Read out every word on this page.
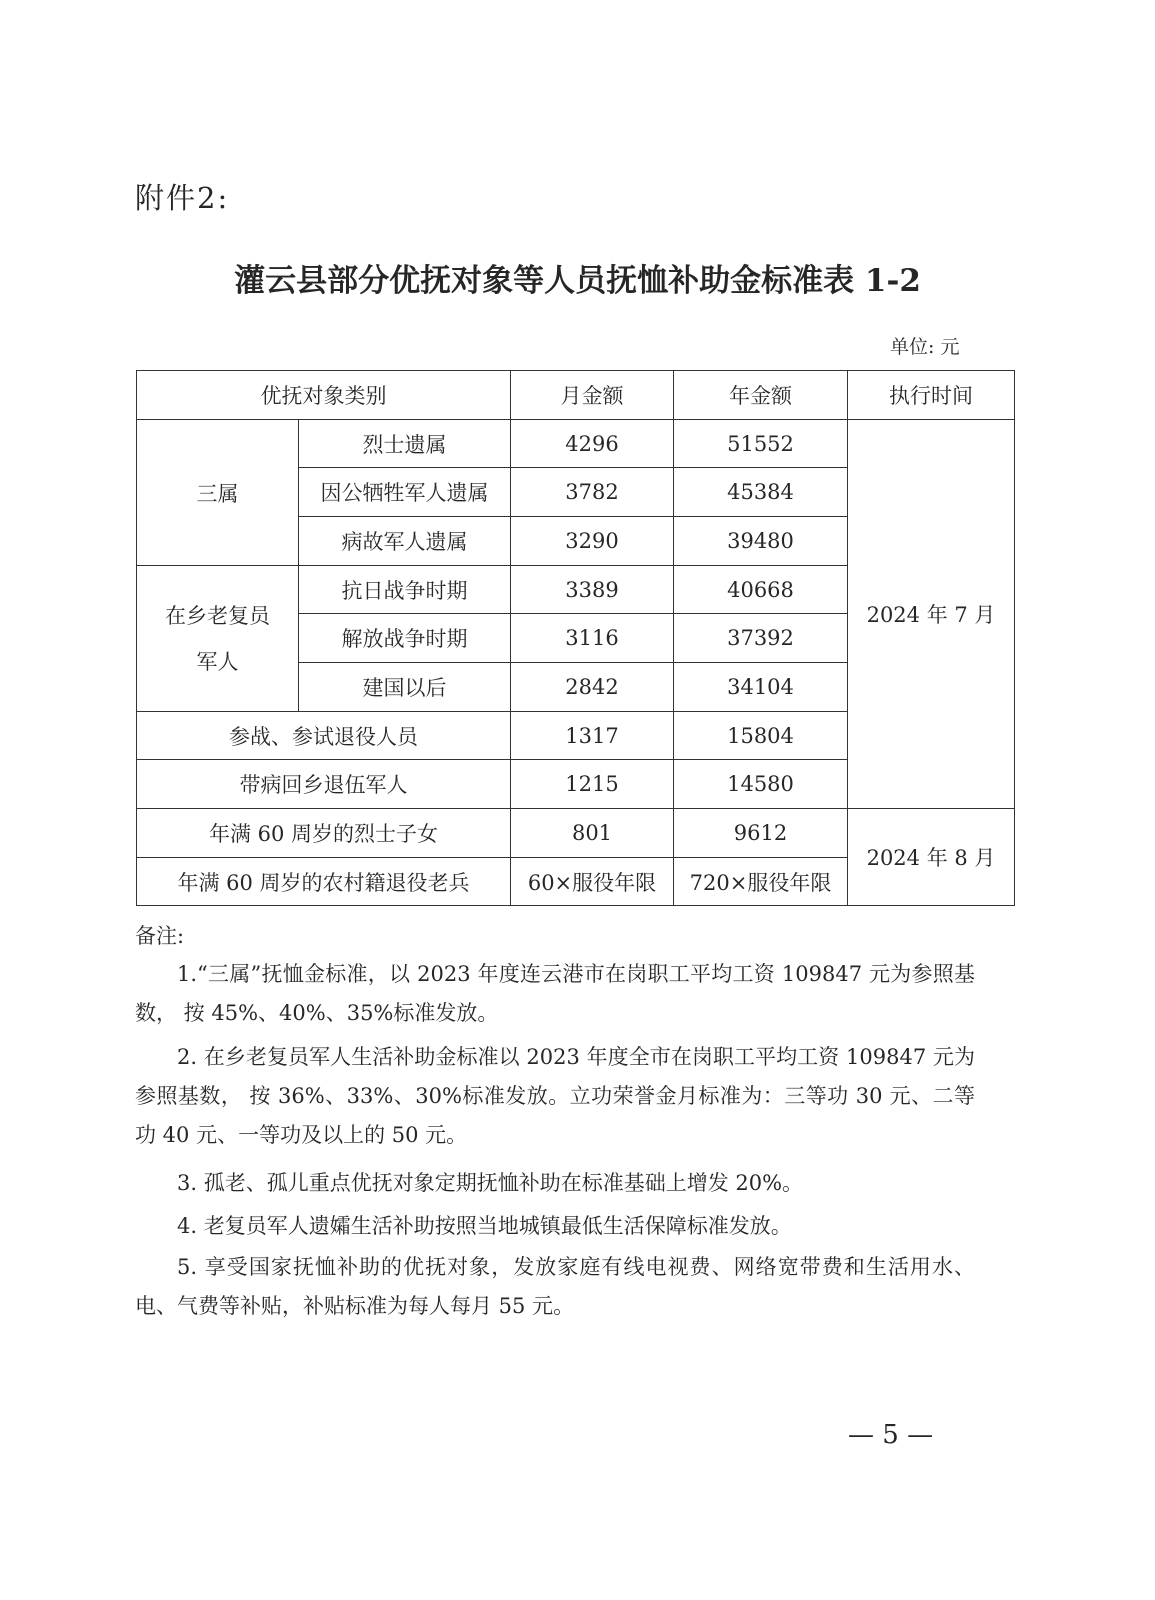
附件2:
灌云县部分优抚对象等人员抚恤补助金标准表 1-2
单位: 元
优抚对象类别		月金额	年金额	执行时间
三属	烈士遗属	4296	51552	2024 年 7 月
	因公牺牲军人遗属	3782	45384	
	病故军人遗属	3290	39480	
在乡老复员
军人	抗日战争时期	3389	40668	
	解放战争时期	3116	37392	
	建国以后	2842	34104	
参战、参试退役人员		1317	15804	
带病回乡退伍军人		1215	14580	
年满 60 周岁的烈士子女		801	9612	2024 年 8 月
年满 60 周岁的农村籍退役老兵		60×服役年限	720×服役年限	
备注:
1.“三属”抚恤金标准，以 2023 年度连云港市在岗职工平均工资 109847 元为参照基数， 按 45%、40%、35%标准发放。
2. 在乡老复员军人生活补助金标准以 2023 年度全市在岗职工平均工资 109847 元为参照基数， 按 36%、33%、30%标准发放。立功荣誉金月标准为：三等功 30 元、二等功 40 元、一等功及以上的 50 元。
3. 孤老、孤儿重点优抚对象定期抚恤补助在标准基础上增发 20%。
4. 老复员军人遗孀生活补助按照当地城镇最低生活保障标准发放。
5. 享受国家抚恤补助的优抚对象，发放家庭有线电视费、网络宽带费和生活用水、电、气费等补贴，补贴标准为每人每月 55 元。
— 5 —
